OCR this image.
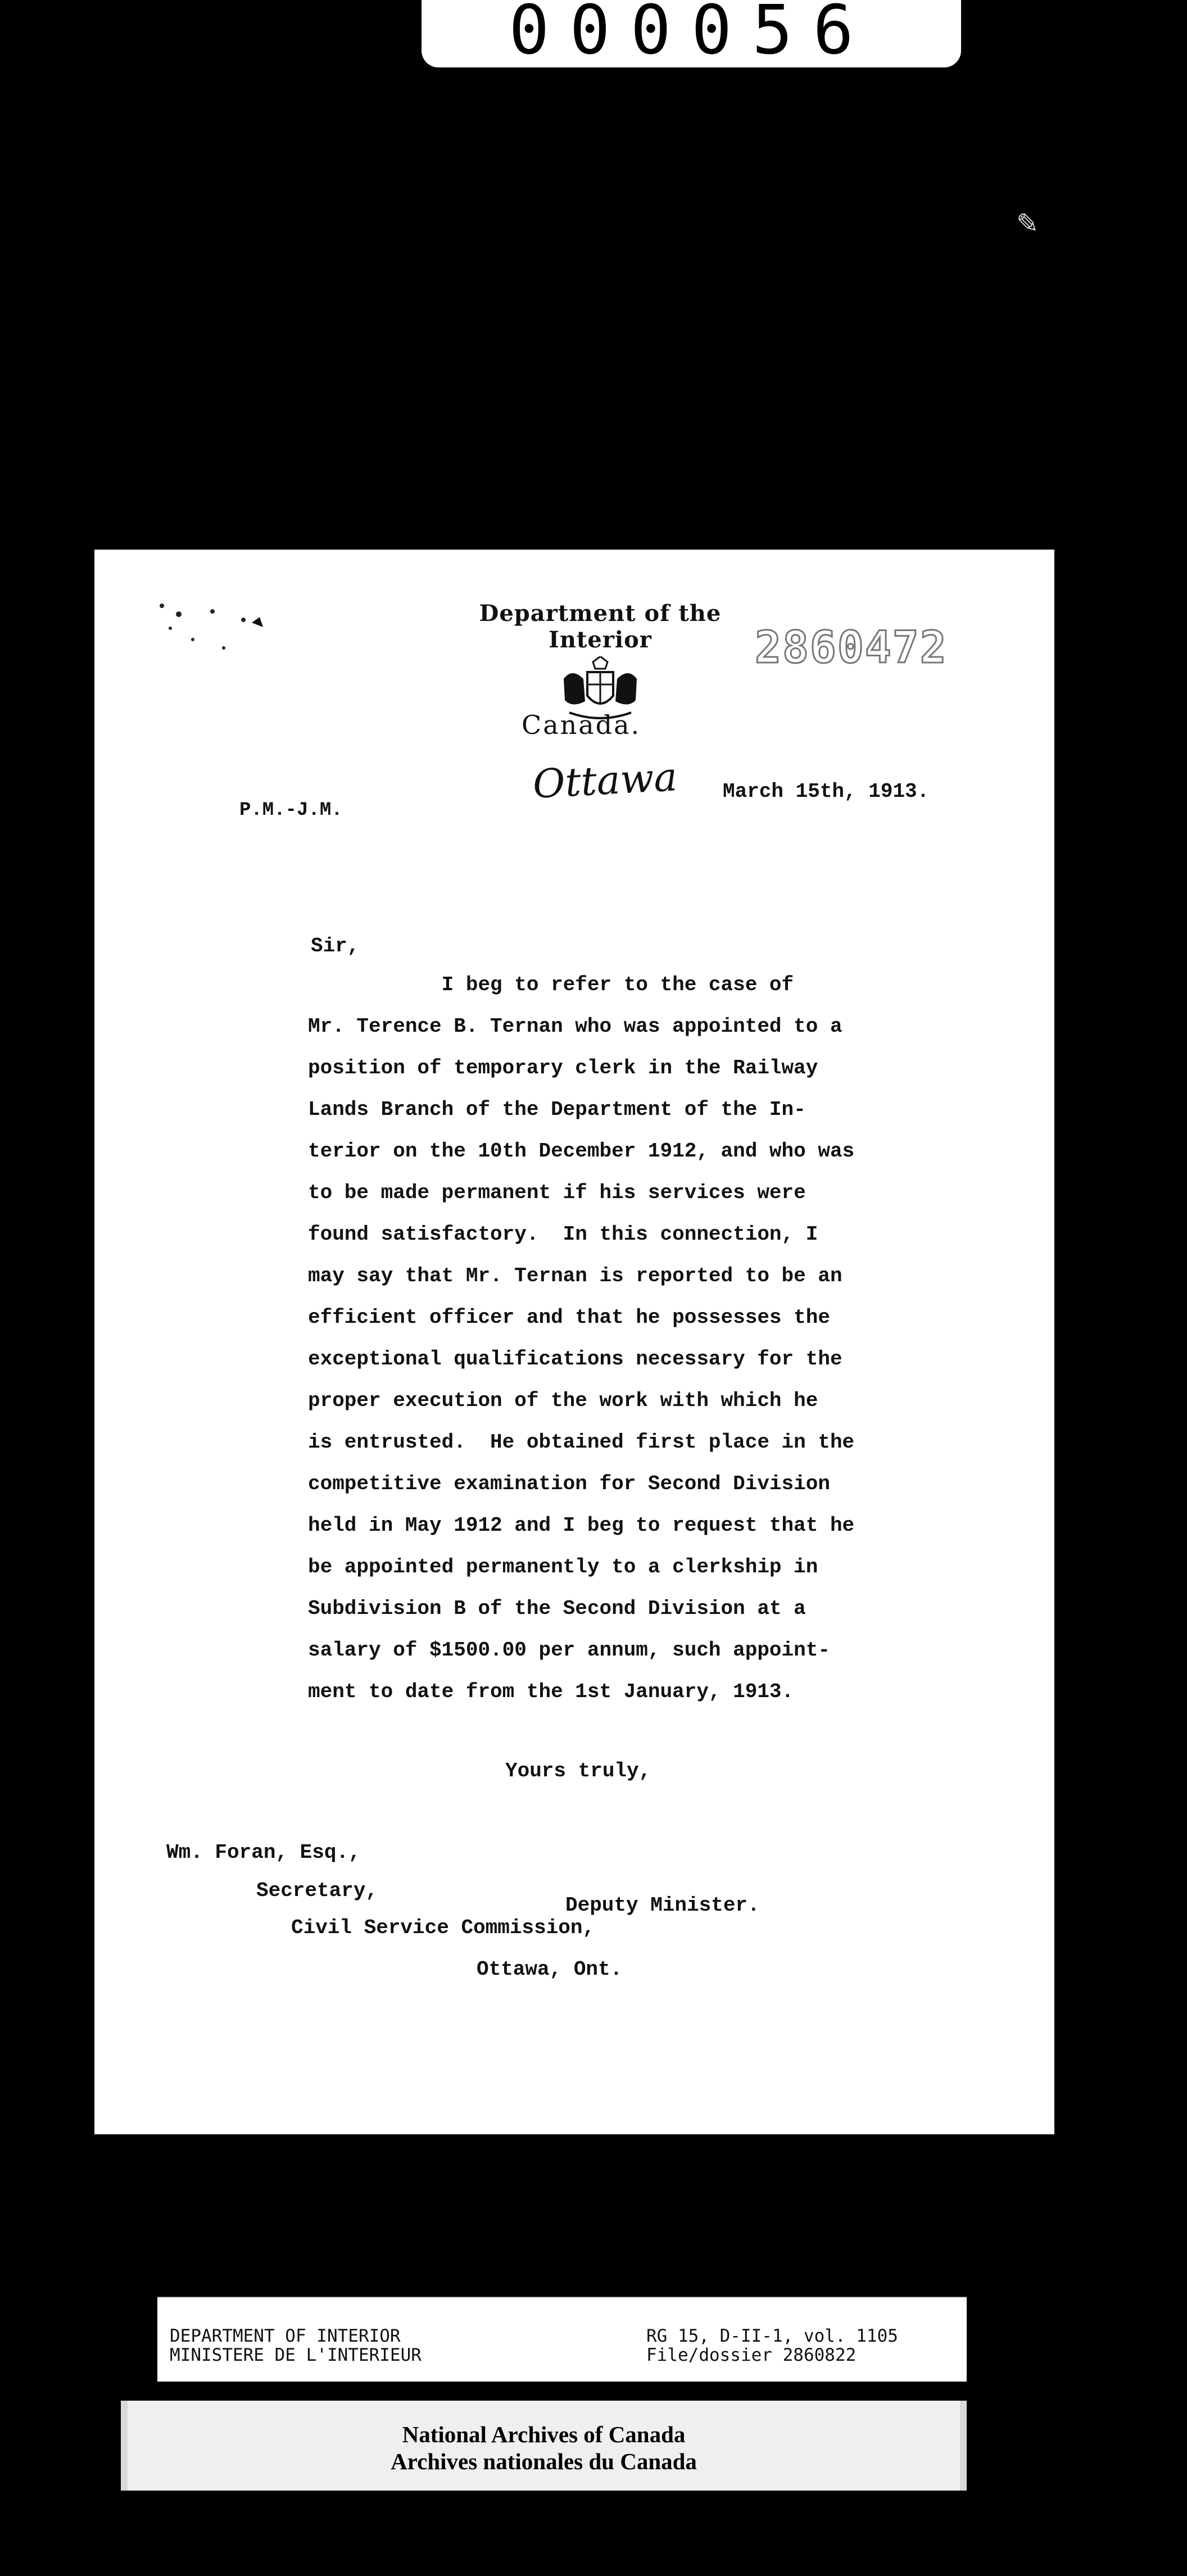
000056
✎
Department of the Interior
Canada.
2860472
Ottawa March 15th, 1913.
P.M.-J.M.
Sir,
I beg to refer to the case of
Mr. Terence B. Ternan who was appointed to a
position of temporary clerk in the Railway
Lands Branch of the Department of the In-
terior on the 10th December 1912, and who was
to be made permanent if his services were
found satisfactory.  In this connection, I
may say that Mr. Ternan is reported to be an
efficient officer and that he possesses the
exceptional qualifications necessary for the
proper execution of the work with which he
is entrusted.  He obtained first place in the
competitive examination for Second Division
held in May 1912 and I beg to request that he
be appointed permanently to a clerkship in
Subdivision B of the Second Division at a
salary of $1500.00 per annum, such appoint-
ment to date from the 1st January, 1913.
Yours truly,
Wm. Foran, Esq.,
Secretary,
Deputy Minister.
Civil Service Commission,
Ottawa, Ont.
DEPARTMENT OF INTERIOR
MINISTERE DE L'INTERIEUR
RG 15, D-II-1, vol. 1105
File/dossier 2860822
National Archives of Canada
Archives nationales du Canada
